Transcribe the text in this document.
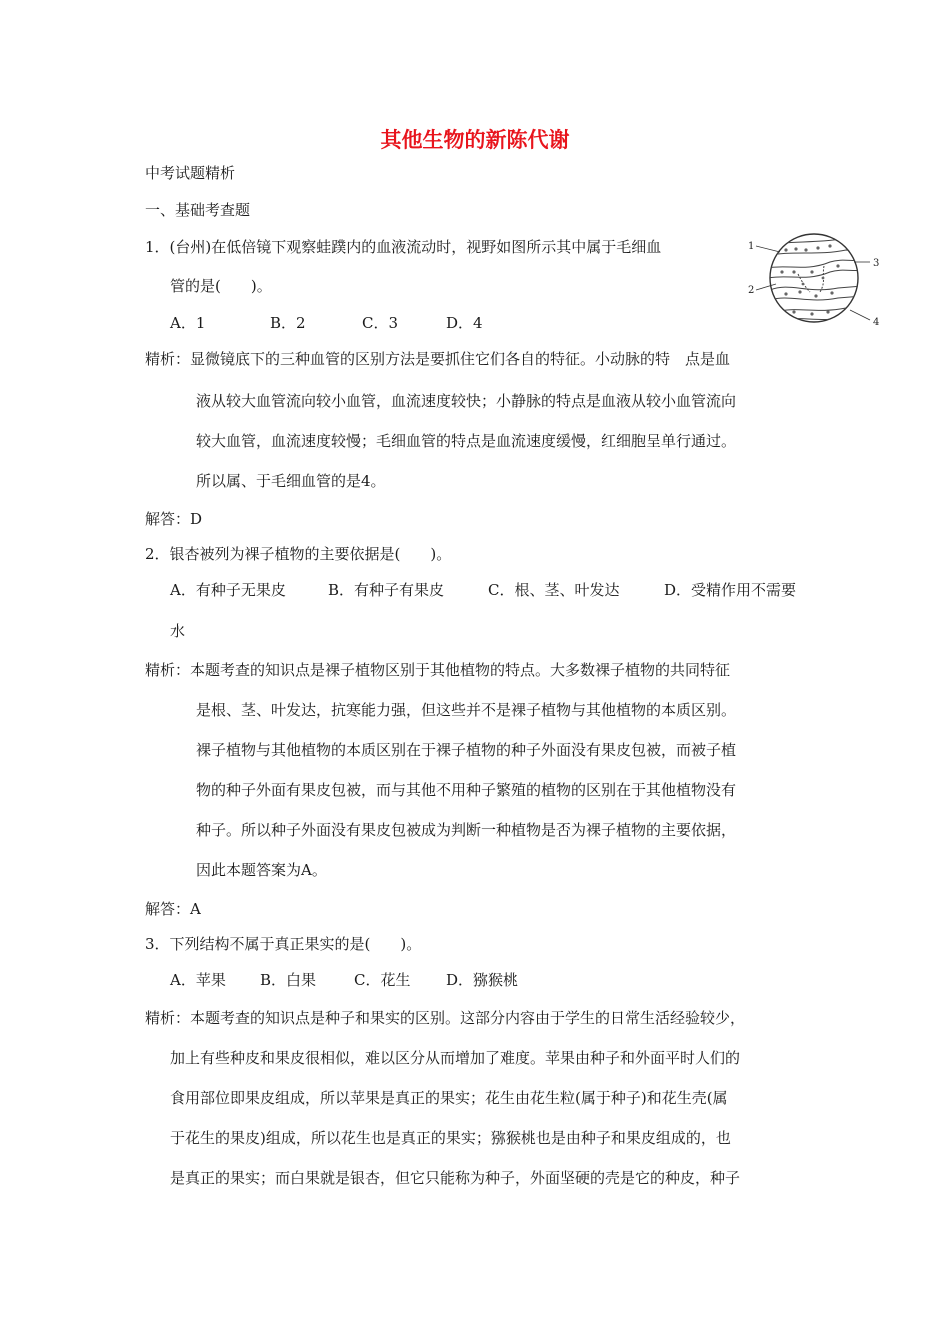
其他生物的新陈代谢
中考试题精析
一、基础考查题
1．(台州)在低倍镜下观察蛙蹼内的血液流动时，视野如图所示其中属于毛细血
管的是(　　)。
A．1	B．2	C．3	D．4
1
2
3
4
精析：显微镜底下的三种血管的区别方法是要抓住它们各自的特征。小动脉的特　点是血
液从较大血管流向较小血管，血流速度较快；小静脉的特点是血液从较小血管流向
较大血管，血流速度较慢；毛细血管的特点是血流速度缓慢，红细胞呈单行通过。
所以属、于毛细血管的是4。
解答：D
2．银杏被列为裸子植物的主要依据是(　　)。
A．有种子无果皮	B．有种子有果皮	C．根、茎、叶发达	D．受精作用不需要
水
精析：本题考查的知识点是裸子植物区别于其他植物的特点。大多数裸子植物的共同特征
是根、茎、叶发达，抗寒能力强，但这些并不是裸子植物与其他植物的本质区别。
裸子植物与其他植物的本质区别在于裸子植物的种子外面没有果皮包被，而被子植
物的种子外面有果皮包被，而与其他不用种子繁殖的植物的区别在于其他植物没有
种子。所以种子外面没有果皮包被成为判断一种植物是否为裸子植物的主要依据，
因此本题答案为A。
解答：A
3．下列结构不属于真正果实的是(　　)。
A．苹果 B．白果	C．花生 D．猕猴桃
精析：本题考查的知识点是种子和果实的区别。这部分内容由于学生的日常生活经验较少，
加上有些种皮和果皮很相似，难以区分从而增加了难度。苹果由种子和外面平时人们的
食用部位即果皮组成，所以苹果是真正的果实；花生由花生粒(属于种子)和花生壳(属
于花生的果皮)组成，所以花生也是真正的果实；猕猴桃也是由种子和果皮组成的，也
是真正的果实；而白果就是银杏，但它只能称为种子，外面坚硬的壳是它的种皮，种子
